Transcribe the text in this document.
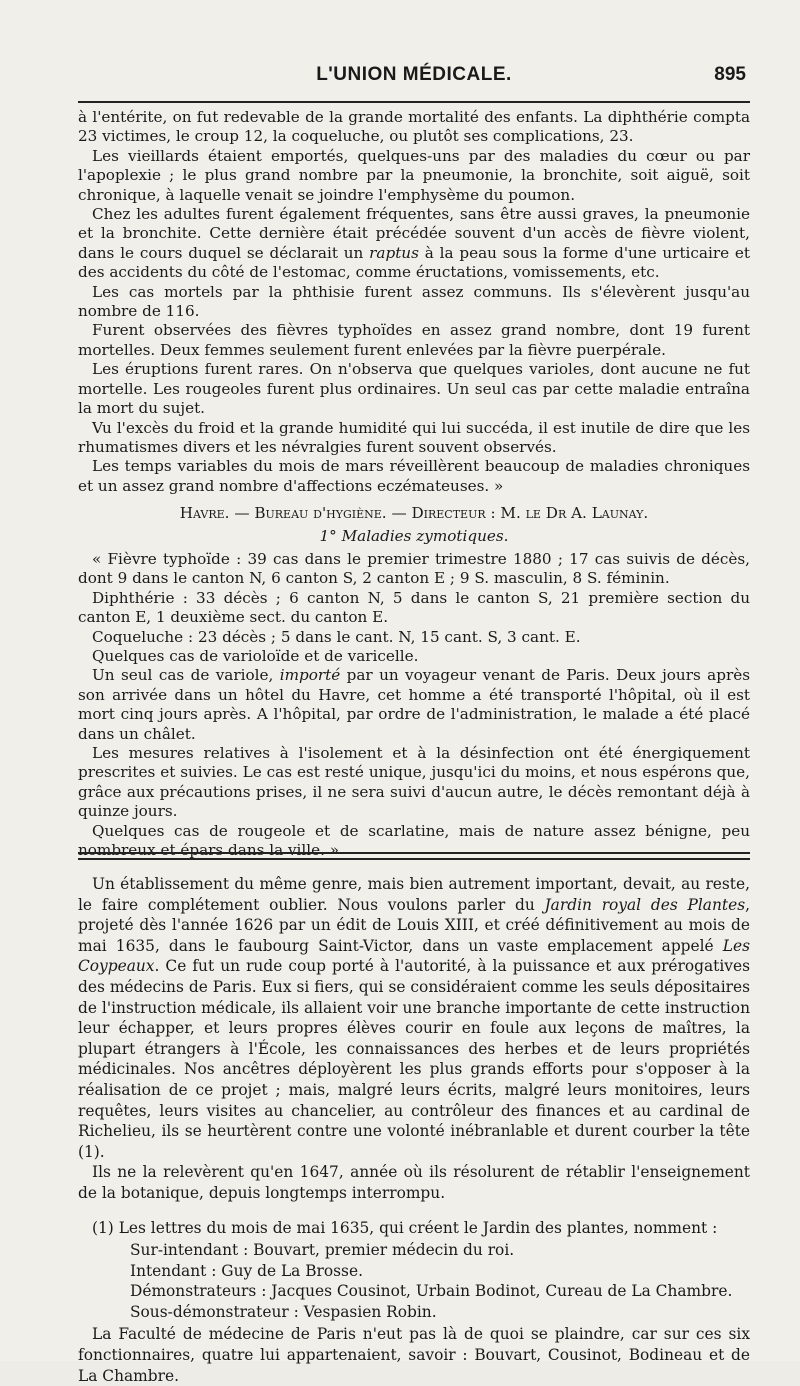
L'UNION MÉDICALE.	895

à l'entérite, on fut redevable de la grande mortalité des enfants. La diphthérie compta 23 victimes, le croup 12, la coqueluche, ou plutôt ses complications, 23.

Les vieillards étaient emportés, quelques-uns par des maladies du cœur ou par l'apoplexie ; le plus grand nombre par la pneumonie, la bronchite, soit aiguë, soit chronique, à laquelle venait se joindre l'emphysème du poumon.

Chez les adultes furent également fréquentes, sans être aussi graves, la pneumonie et la bronchite. Cette dernière était précédée souvent d'un accès de fièvre violent, dans le cours duquel se déclarait un raptus à la peau sous la forme d'une urticaire et des accidents du côté de l'estomac, comme éructations, vomissements, etc.

Les cas mortels par la phthisie furent assez communs. Ils s'élevèrent jusqu'au nombre de 116.

Furent observées des fièvres typhoïdes en assez grand nombre, dont 19 furent mortelles. Deux femmes seulement furent enlevées par la fièvre puerpérale.

Les éruptions furent rares. On n'observa que quelques varioles, dont aucune ne fut mortelle. Les rougeoles furent plus ordinaires. Un seul cas par cette maladie entraîna la mort du sujet.

Vu l'excès du froid et la grande humidité qui lui succéda, il est inutile de dire que les rhumatismes divers et les névralgies furent souvent observés.

Les temps variables du mois de mars réveillèrent beaucoup de maladies chroniques et un assez grand nombre d'affections eczémateuses. »

Havre. — Bureau d'hygiène. — Directeur : M. le Dr A. Launay.

1° Maladies zymotiques.

« Fièvre typhoïde : 39 cas dans le premier trimestre 1880 ; 17 cas suivis de décès, dont 9 dans le canton N, 6 canton S, 2 canton E ; 9 S. masculin, 8 S. féminin.

Diphthérie : 33 décès ; 6 canton N, 5 dans le canton S, 21 première section du canton E, 1 deuxième sect. du canton E.

Coqueluche : 23 décès ; 5 dans le cant. N, 15 cant. S, 3 cant. E.

Quelques cas de varioloïde et de varicelle.

Un seul cas de variole, importé par un voyageur venant de Paris. Deux jours après son arrivée dans un hôtel du Havre, cet homme a été transporté l'hôpital, où il est mort cinq jours après. A l'hôpital, par ordre de l'administration, le malade a été placé dans un châlet.

Les mesures relatives à l'isolement et à la désinfection ont été énergiquement prescrites et suivies. Le cas est resté unique, jusqu'ici du moins, et nous espérons que, grâce aux précautions prises, il ne sera suivi d'aucun autre, le décès remontant déjà à quinze jours.

Quelques cas de rougeole et de scarlatine, mais de nature assez bénigne, peu nombreux et épars dans la ville. »

Un établissement du même genre, mais bien autrement important, devait, au reste, le faire complétement oublier. Nous voulons parler du Jardin royal des Plantes, projeté dès l'année 1626 par un édit de Louis XIII, et créé définitivement au mois de mai 1635, dans le faubourg Saint-Victor, dans un vaste emplacement appelé Les Coypeaux. Ce fut un rude coup porté à l'autorité, à la puissance et aux prérogatives des médecins de Paris. Eux si fiers, qui se considéraient comme les seuls dépositaires de l'instruction médicale, ils allaient voir une branche importante de cette instruction leur échapper, et leurs propres élèves courir en foule aux leçons de maîtres, la plupart étrangers à l'École, les connaissances des herbes et de leurs propriétés médicinales. Nos ancêtres déployèrent les plus grands efforts pour s'opposer à la réalisation de ce projet ; mais, malgré leurs écrits, malgré leurs monitoires, leurs requêtes, leurs visites au chancelier, au contrôleur des finances et au cardinal de Richelieu, ils se heurtèrent contre une volonté inébranlable et durent courber la tête (1).

Ils ne la relevèrent qu'en 1647, année où ils résolurent de rétablir l'enseignement de la botanique, depuis longtemps interrompu.

(1) Les lettres du mois de mai 1635, qui créent le Jardin des plantes, nomment :

Sur-intendant : Bouvart, premier médecin du roi.
Intendant : Guy de La Brosse.
Démonstrateurs : Jacques Cousinot, Urbain Bodinot, Cureau de La Chambre.
Sous-démonstrateur : Vespasien Robin.

La Faculté de médecine de Paris n'eut pas là de quoi se plaindre, car sur ces six fonctionnaires, quatre lui appartenaient, savoir : Bouvart, Cousinot, Bodineau et de La Chambre.
